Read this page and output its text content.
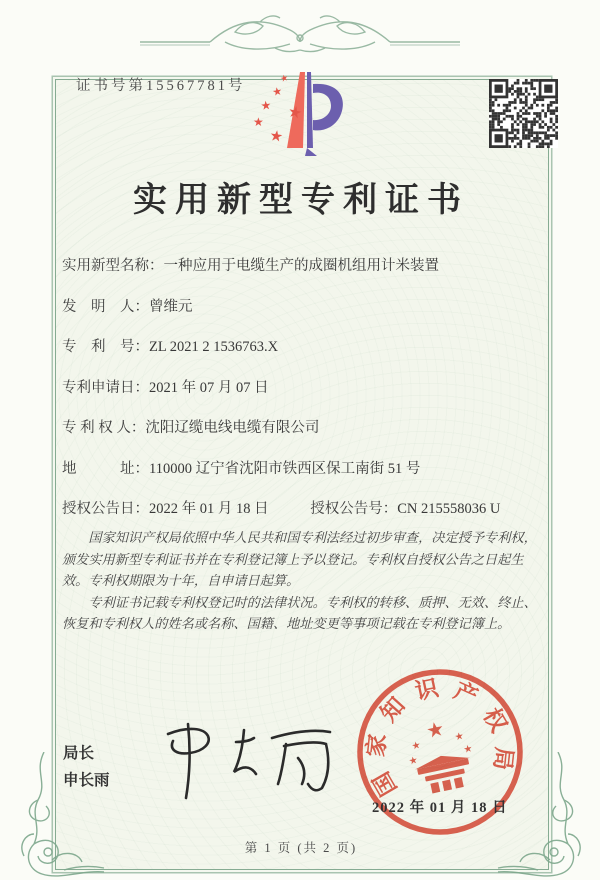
证书号第15567781号	★
★
★
★
★
★
实用新型专利证书
实用新型名称：一种应用于电缆生产的成圈机组用计米装置
发　明　人：曾维元
专　利　号：ZL 2021 2 1536763.X
专利申请日：2021 年 07 月 07 日
专 利 权 人：沈阳辽缆电线电缆有限公司
地　　　址：110000 辽宁省沈阳市铁西区保工南街 51 号
授权公告日：2022 年 01 月 18 日	授权公告号：CN 215558036 U

国家知识产权局依照中华人民共和国专利法经过初步审查，决定授予专利权，颁发实用新型专利证书并在专利登记簿上予以登记。专利权自授权公告之日起生效。专利权期限为十年，自申请日起算。

专利证书记载专利权登记时的法律状况。专利权的转移、质押、无效、终止、恢复和专利权人的姓名或名称、国籍、地址变更等事项记载在专利登记簿上。

局长
申长雨	国
家
知
识 产
权
局
★
★
★
★
★
2022 年 01 月 18 日
第 1 页 (共 2 页)
